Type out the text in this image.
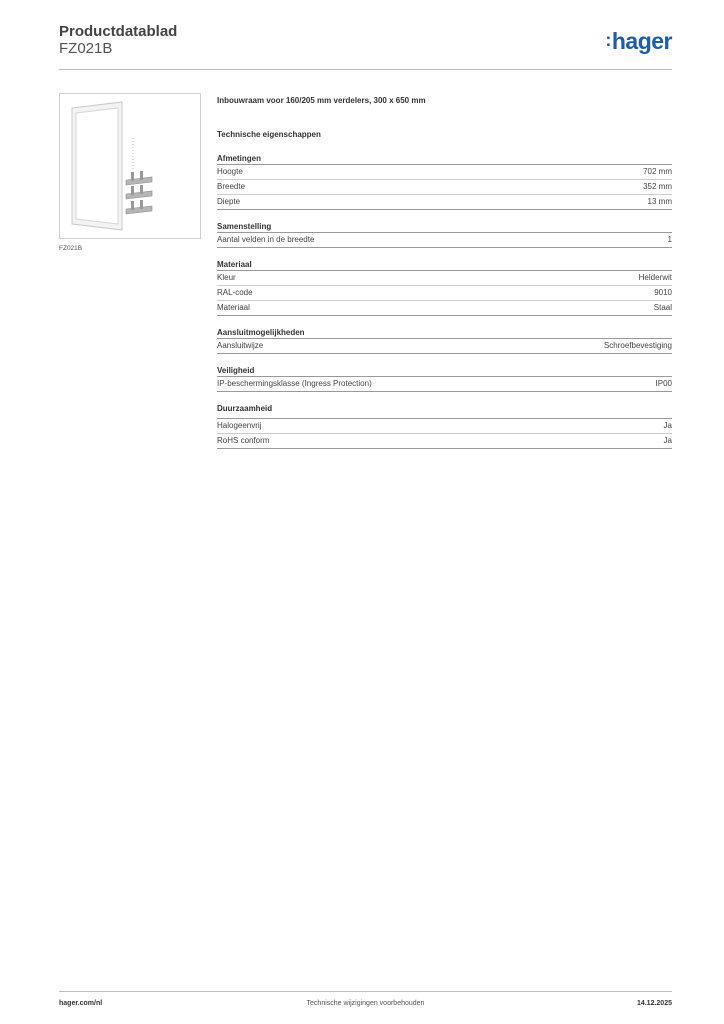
Productdatablad
FZ021B	:hager
FZ021B
Inbouwraam voor 160/205 mm verdelers, 300 x 650 mm
Technische eigenschappen
Afmetingen
Hoogte	702 mm
Breedte	352 mm
Diepte	13 mm
Samenstelling
Aantal velden in de breedte	1
Materiaal
Kleur	Helderwit
RAL-code	9010
Materiaal	Staal
Aansluitmogelijkheden
Aansluitwijze	Schroefbevestiging
Veiligheid
IP-beschermingsklasse (Ingress Protection)	IP00
Duurzaamheid
Halogeenvrij	Ja
RoHS conform	Ja
hager.com/nl	Technische wijzigingen voorbehouden	14.12.2025
